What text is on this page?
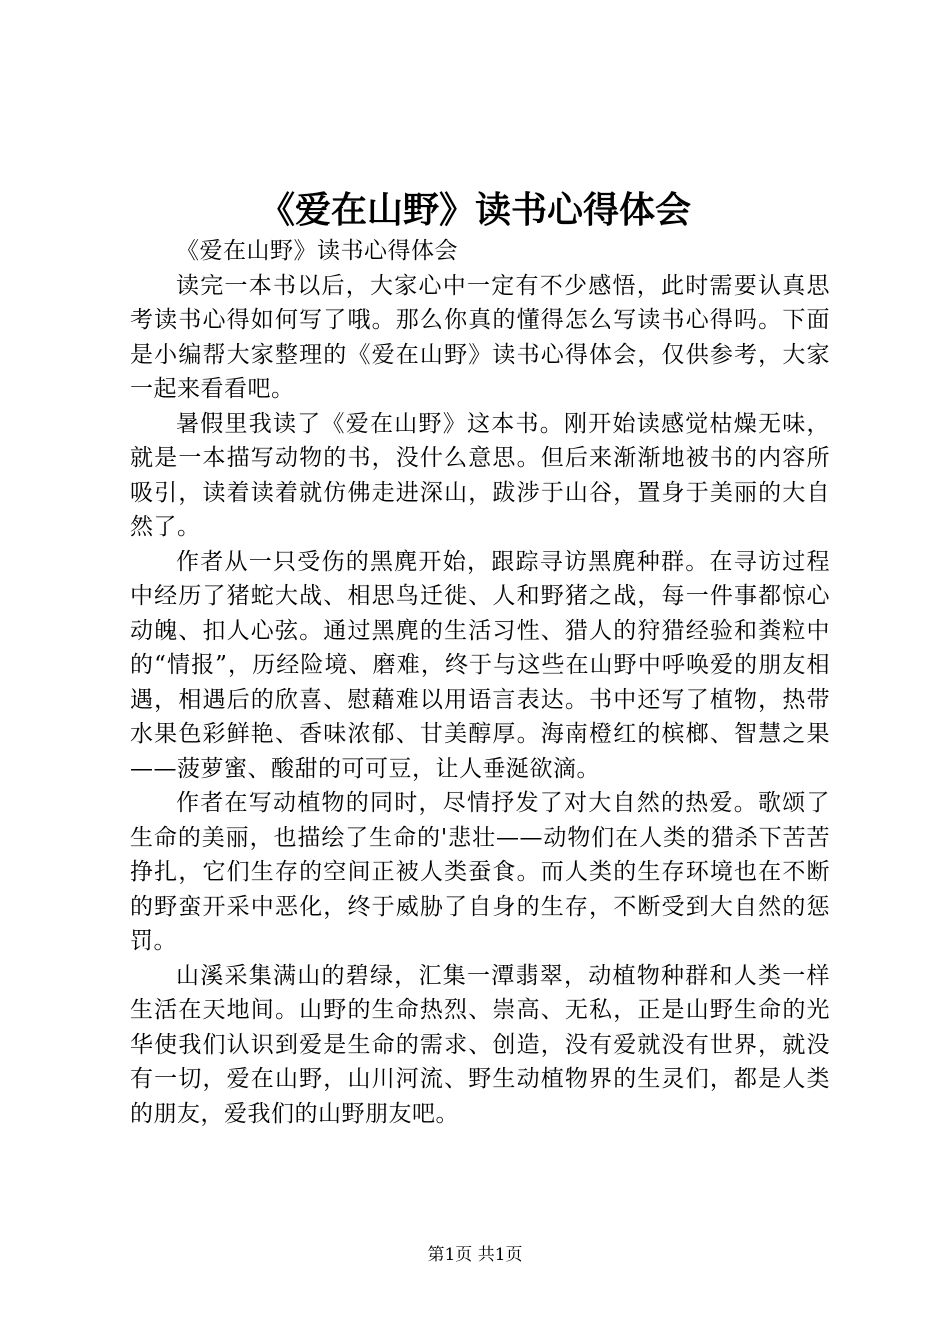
《爱在山野》读书心得体会

《爱在山野》读书心得体会

读完一本书以后，大家心中一定有不少感悟，此时需要认真思考读书心得如何写了哦。那么你真的懂得怎么写读书心得吗。下面是小编帮大家整理的《爱在山野》读书心得体会，仅供参考，大家一起来看看吧。

暑假里我读了《爱在山野》这本书。刚开始读感觉枯燥无味，就是一本描写动物的书，没什么意思。但后来渐渐地被书的内容所吸引，读着读着就仿佛走进深山，跋涉于山谷，置身于美丽的大自然了。

作者从一只受伤的黑麂开始，跟踪寻访黑麂种群。在寻访过程中经历了猪蛇大战、相思鸟迁徙、人和野猪之战，每一件事都惊心动魄、扣人心弦。通过黑麂的生活习性、猎人的狩猎经验和粪粒中的“情报”，历经险境、磨难，终于与这些在山野中呼唤爱的朋友相遇，相遇后的欣喜、慰藉难以用语言表达。书中还写了植物，热带水果色彩鲜艳、香味浓郁、甘美醇厚。海南橙红的槟榔、智慧之果——菠萝蜜、酸甜的可可豆，让人垂涎欲滴。

作者在写动植物的同时，尽情抒发了对大自然的热爱。歌颂了生命的美丽，也描绘了生命的'悲壮——动物们在人类的猎杀下苦苦挣扎，它们生存的空间正被人类蚕食。而人类的生存环境也在不断的野蛮开采中恶化，终于威胁了自身的生存，不断受到大自然的惩罚。

山溪采集满山的碧绿，汇集一潭翡翠，动植物种群和人类一样生活在天地间。山野的生命热烈、崇高、无私，正是山野生命的光华使我们认识到爱是生命的需求、创造，没有爱就没有世界，就没有一切，爱在山野，山川河流、野生动植物界的生灵们，都是人类的朋友，爱我们的山野朋友吧。

第1页 共1页
